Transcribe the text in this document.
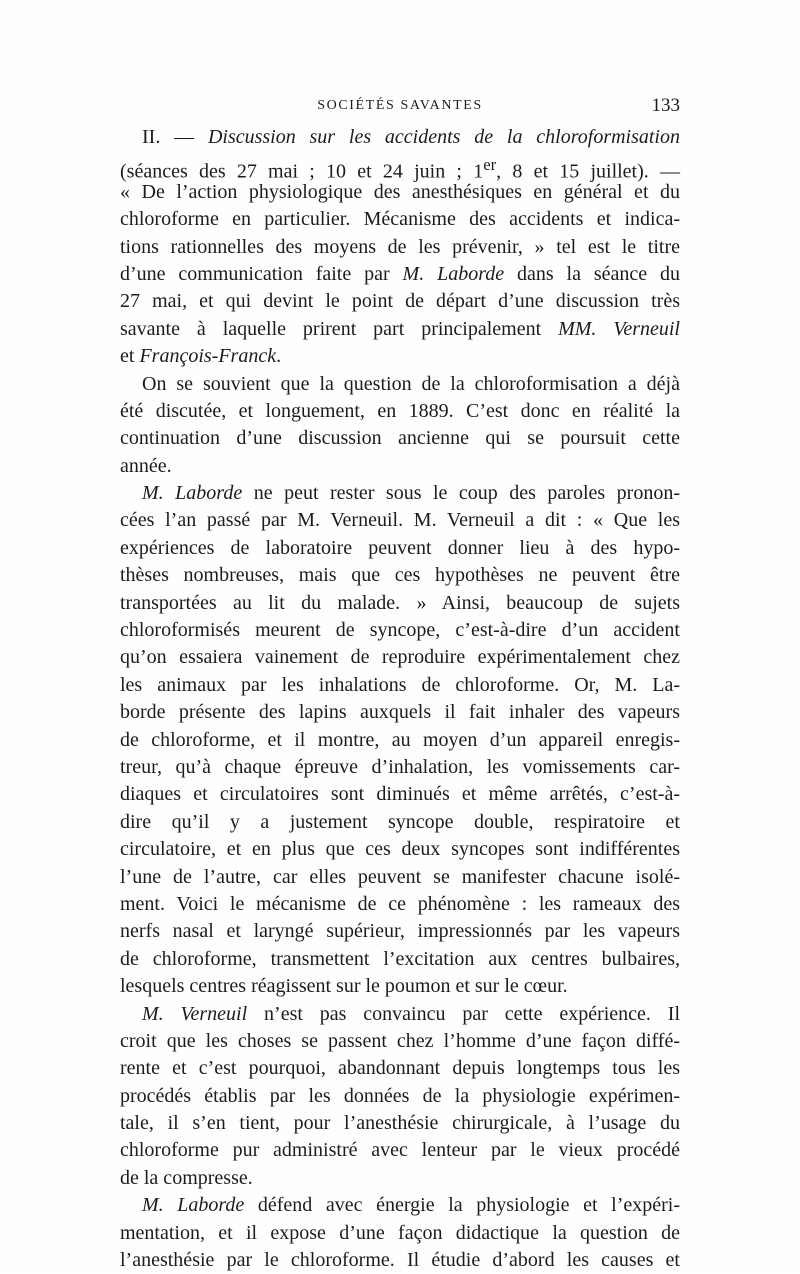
SOCIÉTÉS SAVANTES	133
II. — Discussion sur les accidents de la chloroformisation
(séances des 27 mai ; 10 et 24 juin ; 1er, 8 et 15 juillet). —
« De l’action physiologique des anesthésiques en général et du
chloroforme en particulier. Mécanisme des accidents et indica-
tions rationnelles des moyens de les prévenir, » tel est le titre
d’une communication faite par M. Laborde dans la séance du
27 mai, et qui devint le point de départ d’une discussion très
savante à laquelle prirent part principalement MM. Verneuil
et François-Franck.
On se souvient que la question de la chloroformisation a déjà
été discutée, et longuement, en 1889. C’est donc en réalité la
continuation d’une discussion ancienne qui se poursuit cette
année.
M. Laborde ne peut rester sous le coup des paroles pronon-
cées l’an passé par M. Verneuil. M. Verneuil a dit : « Que les
expériences de laboratoire peuvent donner lieu à des hypo-
thèses nombreuses, mais que ces hypothèses ne peuvent être
transportées au lit du malade. » Ainsi, beaucoup de sujets
chloroformisés meurent de syncope, c’est-à-dire d’un accident
qu’on essaiera vainement de reproduire expérimentalement chez
les animaux par les inhalations de chloroforme. Or, M. La-
borde présente des lapins auxquels il fait inhaler des vapeurs
de chloroforme, et il montre, au moyen d’un appareil enregis-
treur, qu’à chaque épreuve d’inhalation, les vomissements car-
diaques et circulatoires sont diminués et même arrêtés, c’est-à-
dire qu’il y a justement syncope double, respiratoire et
circulatoire, et en plus que ces deux syncopes sont indifférentes
l’une de l’autre, car elles peuvent se manifester chacune isolé-
ment. Voici le mécanisme de ce phénomène : les rameaux des
nerfs nasal et laryngé supérieur, impressionnés par les vapeurs
de chloroforme, transmettent l’excitation aux centres bulbaires,
lesquels centres réagissent sur le poumon et sur le cœur.
M. Verneuil n’est pas convaincu par cette expérience. Il
croit que les choses se passent chez l’homme d’une façon diffé-
rente et c’est pourquoi, abandonnant depuis longtemps tous les
procédés établis par les données de la physiologie expérimen-
tale, il s’en tient, pour l’anesthésie chirurgicale, à l’usage du
chloroforme pur administré avec lenteur par le vieux procédé
de la compresse.
M. Laborde défend avec énergie la physiologie et l’expéri-
mentation, et il expose d’une façon didactique la question de
l’anesthésie par le chloroforme. Il étudie d’abord les causes et
